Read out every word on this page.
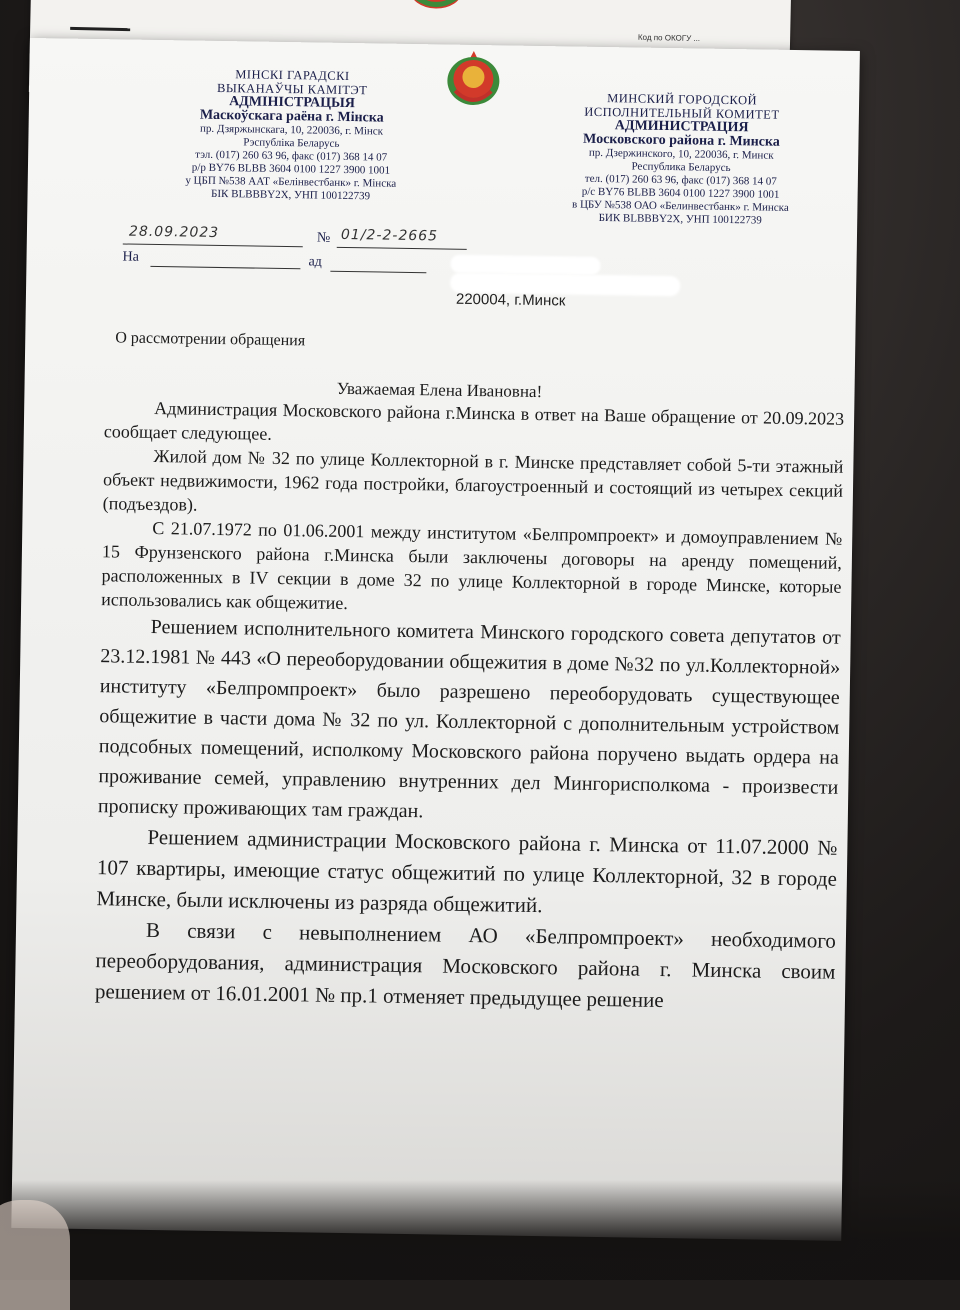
Код по ОКОГУ ...
МІНСКІ ГАРАДСКІ
ВЫКАНАЎЧЫ КАМІТЭТ
АДМІНІСТРАЦЫЯ
Маскоўскага раёна г. Мінска
пр. Дзяржынскага, 10, 220036, г. Мінск
Рэспубліка Беларусь
тэл. (017) 260 63 96, факс (017) 368 14 07
р/р BY76 BLBB 3604 0100 1227 3900 1001
у ЦБП №538 ААТ «Белінвестбанк» г. Мінска
БІК BLBBBY2X, УНП 100122739
МИНСКИЙ ГОРОДСКОЙ
ИСПОЛНИТЕЛЬНЫЙ КОМИТЕТ
АДМИНИСТРАЦИЯ
Московского района г. Минска
пр. Дзержинского, 10, 220036, г. Минск
Республика Беларусь
тел. (017) 260 63 96, факс (017) 368 14 07
р/с BY76 BLBB 3604 0100 1227 3900 1001
в ЦБУ №538 ОАО «Белинвестбанк» г. Минска
БИК BLBBBY2X, УНП 100122739
28.09.2023	№ 01/2-2-2665
На	ад
220004, г.Минск
О рассмотрении обращения
Уважаемая Елена Ивановна!

Администрация Московского района г.Минска в ответ на Ваше обращение от 20.09.2023 сообщает следующее.

Жилой дом № 32 по улице Коллекторной в г. Минске представляет собой 5-ти этажный объект недвижимости, 1962 года постройки, благоустроенный и состоящий из четырех секций (подъездов).

С 21.07.1972 по 01.06.2001 между институтом «Белпромпроект» и домоуправлением № 15 Фрунзенского района г.Минска были заключены договоры на аренду помещений, расположенных в IV секции в доме 32 по улице Коллекторной в городе Минске, которые использовались как общежитие.

Решением исполнительного комитета Минского городского совета депутатов от 23.12.1981 № 443 «О переоборудовании общежития в доме №32 по ул.Коллекторной» институту «Белпромпроект» было разрешено переоборудовать существующее общежитие в части дома № 32 по ул. Коллекторной с дополнительным устройством подсобных помещений, исполкому Московского района поручено выдать ордера на проживание семей, управлению внутренних дел Мингорисполкома - произвести прописку проживающих там граждан.

Решением администрации Московского района г. Минска от 11.07.2000 № 107 квартиры, имеющие статус общежитий по улице Коллекторной, 32 в городе Минске, были исключены из разряда общежитий.

В связи с невыполнением АО «Белпромпроект» необходимого переоборудования, администрация Московского района г. Минска своим решением от 16.01.2001 № пр.1 отменяет предыдущее решение
